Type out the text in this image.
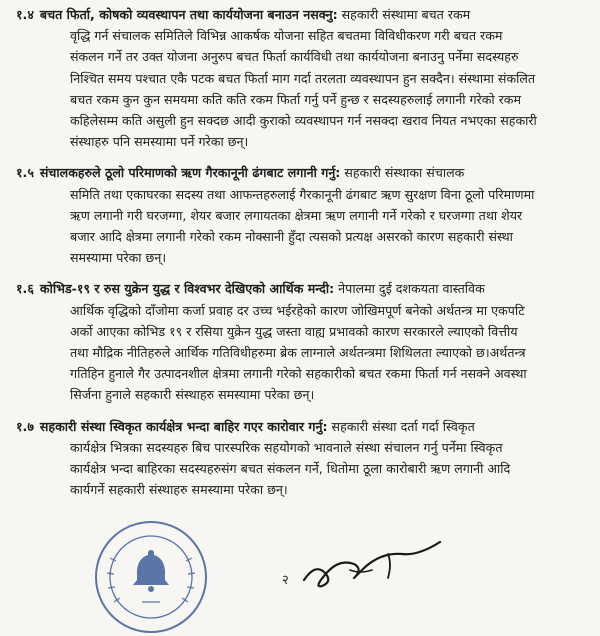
१.४ बचत फिर्ता, कोषको व्यवस्थापन तथा कार्ययोजना बनाउन नसक्नु: सहकारी संस्थामा बचत रकम
वृद्धि गर्न संचालक समितिले विभिन्न आकर्षक योजना सहित बचतमा विविधीकरण गरी बचत रकम
संकलन गर्ने तर उक्त योजना अनुरुप बचत फिर्ता कार्यविधी तथा कार्ययोजना बनाउनु पर्नेमा सदस्यहरु
निश्चित समय पश्चात एकै पटक बचत फिर्ता माग गर्दा तरलता व्यवस्थापन हुन सक्दैन। संस्थामा संकलित
बचत रकम कुन कुन समयमा कति कति रकम फिर्ता गर्नु पर्ने हुन्छ र सदस्यहरुलाई लगानी गरेको रकम
कहिलेसम्म कति असुली हुन सक्दछ आदी कुराको व्यवस्थापन गर्न नसक्दा खराव नियत नभएका सहकारी
संस्थाहरु पनि समस्यामा पर्ने गरेका छन्।
१.५ संचालकहरुले ठूलो परिमाणको ऋण गैरकानूनी ढंगबाट लगानी गर्नु: सहकारी संस्थाका संचालक
समिति तथा एकाघरका सदस्य तथा आफन्तहरुलाई गैरकानूनी ढंगबाट ऋण सुरक्षण विना ठूलो परिमाणमा
ऋण लगानी गरी घरजग्गा, शेयर बजार लगायतका क्षेत्रमा ऋण लगानी गर्ने गरेको र घरजग्गा तथा शेयर
बजार आदि क्षेत्रमा लगानी गरेको रकम नोक्सानी हुँदा त्यसको प्रत्यक्ष असरको कारण सहकारी संस्था
समस्यामा परेका छन्।
१.६ कोभिड-१९ र रुस युक्रेन युद्ध र विश्वभर देखिएको आर्थिक मन्दी: नेपालमा दुई दशकयता वास्तविक
आर्थिक वृद्धिको दाँजोमा कर्जा प्रवाह दर उच्च भईरहेको कारण जोखिमपूर्ण बनेको अर्थतन्त्र मा एकपटि
अर्को आएका कोभिड १९ र रसिया युक्रेन युद्ध जस्ता वाह्य प्रभावको कारण सरकारले ल्याएको वित्तीय
तथा मौद्रिक नीतिहरुले आर्थिक गतिविधीहरुमा ब्रेक लाग्नाले अर्थतन्त्रमा शिथिलता ल्याएको छ।अर्थतन्त्र
गतिहिन हुनाले गैर उत्पादनशील क्षेत्रमा लगानी गरेको सहकारीको बचत रकमा फिर्ता गर्न नसक्ने अवस्था
सिर्जना हुनाले सहकारी संस्थाहरु समस्यामा परेका छन्।
१.७ सहकारी संस्था स्विकृत कार्यक्षेत्र भन्दा बाहिर गएर कारोवार गर्नु: सहकारी संस्था दर्ता गर्दा स्विकृत
कार्यक्षेत्र भित्रका सदस्यहरु बिच पारस्परिक सहयोगको भावनाले संस्था संचालन गर्नु पर्नेमा स्विकृत
कार्यक्षेत्र भन्दा बाहिरका सदस्यहरुसंग बचत संकलन गर्ने, धितोमा ठूला कारोबारी ऋण लगानी आदि
कार्यगर्ने सहकारी संस्थाहरु समस्यामा परेका छन्।
२
